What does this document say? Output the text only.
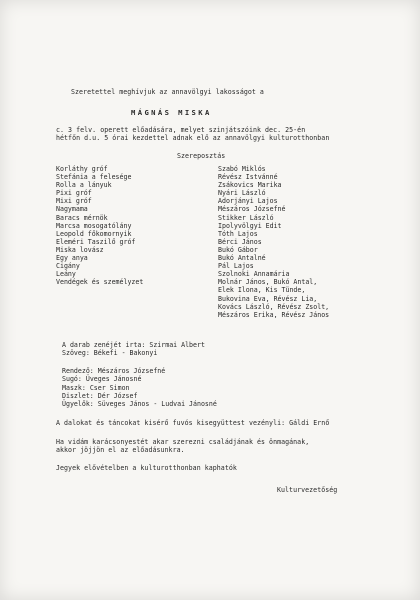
Szeretettel meghívjuk az annavölgyi lakosságot a
MÁGNÁS MISKA
c. 3 felv. operett előadására, melyet szinjátszóink dec. 25-én
hétfőn d.u. 5 órai kezdettel adnak elő az annavölgyi kulturotthonban
Szereposztás
Korláthy gróf
Stefánia a felesége
Rolla a lányuk
Pixi gróf
Mixi gróf
Nagymama
Baracs mérnök
Marcsa mosogatólány
Leopold főkomornyik
Eleméri Taszilő gróf
Miska lovász
Egy anya
Cigány
Leány
Vendégek és személyzet
Szabó Miklós
Révész Istvánné
Zsákovics Marika
Nyári László
Adorjányi Lajos
Mészáros Józsefné
Stikker László
Ipolyvölgyi Edit
Tóth Lajos
Bérci János
Bukó Gábor
Bukó Antalné
Pál Lajos
Szolnoki Annamária
Molnár János, Bukó Antal,
Elek Ilona, Kis Tünde,
Bukovina Eva, Révész Lia,
Kovács László, Révész Zsolt,
Mészáros Erika, Révész János
A darab zenéjét irta: Szirmai Albert
Szöveg: Békefi - Bakonyi
Rendező: Mészáros Józsefné
Sugó: Üveges Jánosné
Maszk: Cser Simon
Diszlet: Dér József
Ügyelők: Süveges János - Ludvai Jánosné
A dalokat és táncokat kisérő fuvós kisegyüttest vezényli: Gáldi Ernő
Ha vidám karácsonyestét akar szerezni családjának és önmagának,
akkor jöjjön el az előadásunkra.
Jegyek elővételben a kulturotthonban kaphatók
Kulturvezetőség
